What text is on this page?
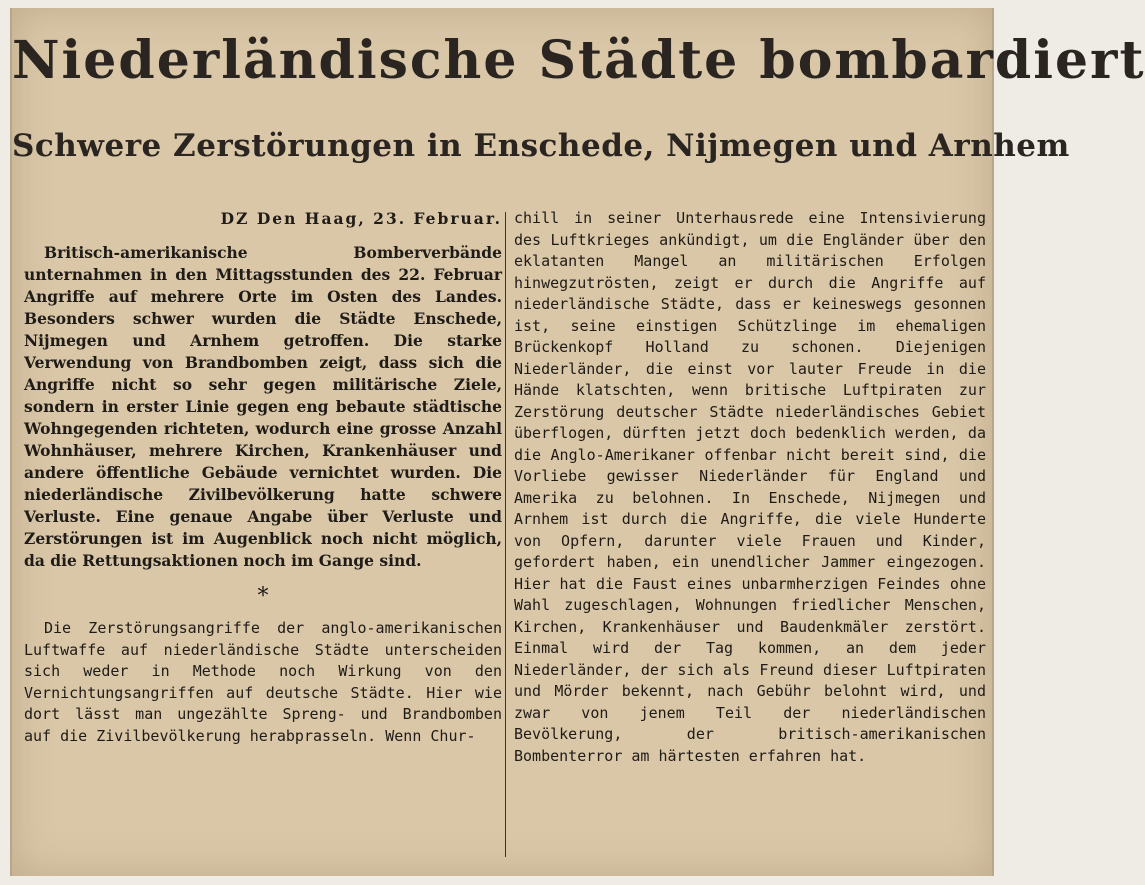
Niederländische Städte bombardiert
Schwere Zerstörungen in Enschede, Nijmegen und Arnhem

DZ Den Haag, 23. Februar.

Britisch-amerikanische Bomberverbände unternahmen in den Mittagsstunden des 22. Februar Angriffe auf mehrere Orte im Osten des Landes. Besonders schwer wurden die Städte Enschede, Nijmegen und Arnhem getroffen. Die starke Verwendung von Brandbomben zeigt, dass sich die Angriffe nicht so sehr gegen militärische Ziele, sondern in erster Linie gegen eng bebaute städtische Wohngegenden richteten, wodurch eine grosse Anzahl Wohnhäuser, mehrere Kirchen, Krankenhäuser und andere öffentliche Gebäude vernichtet wurden. Die niederländische Zivilbevölkerung hatte schwere Verluste. Eine genaue Angabe über Verluste und Zerstörungen ist im Augenblick noch nicht möglich, da die Rettungsaktionen noch im Gange sind.

*

Die Zerstörungsangriffe der anglo-amerikanischen Luftwaffe auf niederländische Städte unterscheiden sich weder in Methode noch Wirkung von den Vernichtungsangriffen auf deutsche Städte. Hier wie dort lässt man ungezählte Spreng- und Brandbomben auf die Zivilbevölkerung herabprasseln. Wenn Chur-

chill in seiner Unterhausrede eine Intensivierung des Luftkrieges ankündigt, um die Engländer über den eklatanten Mangel an militärischen Erfolgen hinwegzutrösten, zeigt er durch die Angriffe auf niederländische Städte, dass er keineswegs gesonnen ist, seine einstigen Schützlinge im ehemaligen Brückenkopf Holland zu schonen. Diejenigen Niederländer, die einst vor lauter Freude in die Hände klatschten, wenn britische Luftpiraten zur Zerstörung deutscher Städte niederländisches Gebiet überflogen, dürften jetzt doch bedenklich werden, da die Anglo-Amerikaner offenbar nicht bereit sind, die Vorliebe gewisser Niederländer für England und Amerika zu belohnen. In Enschede, Nijmegen und Arnhem ist durch die Angriffe, die viele Hunderte von Opfern, darunter viele Frauen und Kinder, gefordert haben, ein unendlicher Jammer eingezogen. Hier hat die Faust eines unbarmherzigen Feindes ohne Wahl zugeschlagen, Wohnungen friedlicher Menschen, Kirchen, Krankenhäuser und Baudenkmäler zerstört. Einmal wird der Tag kommen, an dem jeder Niederländer, der sich als Freund dieser Luftpiraten und Mörder bekennt, nach Gebühr belohnt wird, und zwar von jenem Teil der niederländischen Bevölkerung, der britisch-amerikanischen Bombenterror am härtesten erfahren hat.
